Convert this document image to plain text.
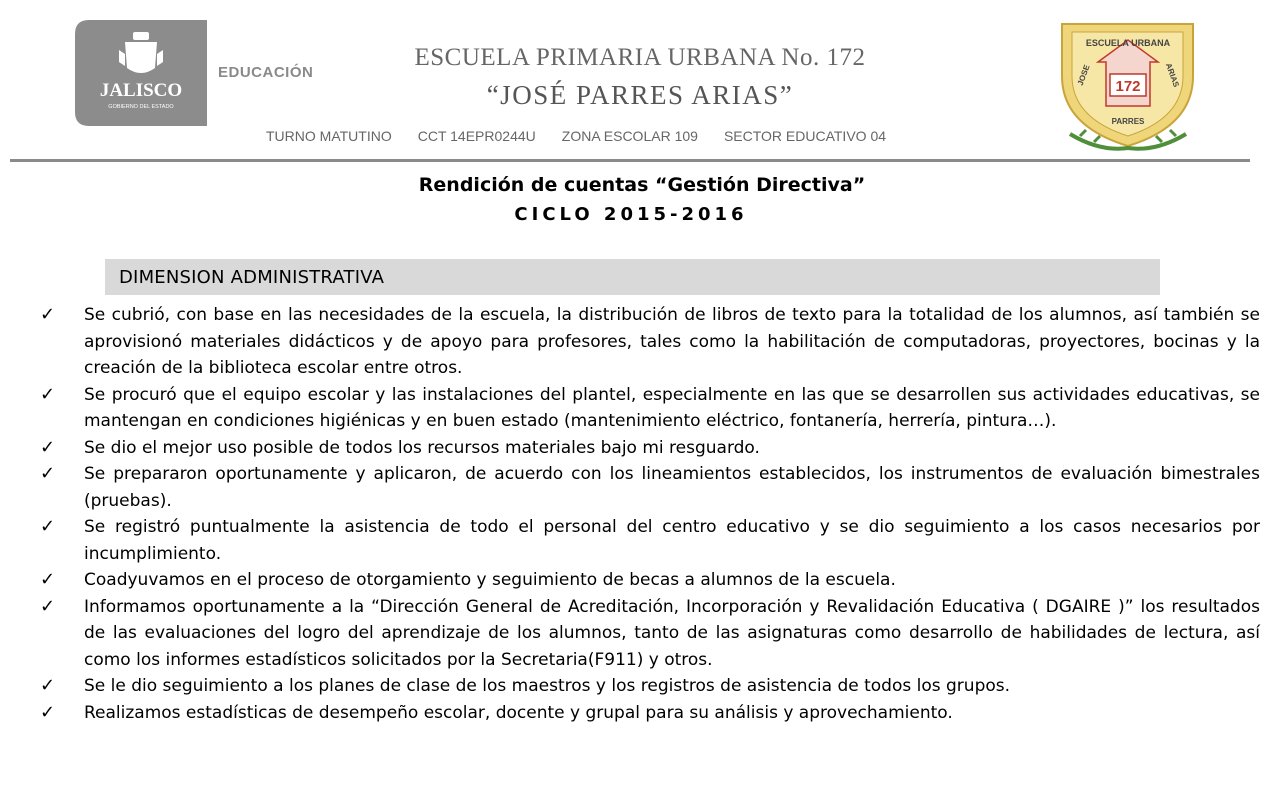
JALISCO
GOBIERNO DEL ESTADO
EDUCACIÓN
ESCUELA PRIMARIA URBANA No. 172
“JOSÉ PARRES ARIAS”
TURNO MATUTINO CCT 14EPR0244U ZONA ESCOLAR 109 SECTOR EDUCATIVO 04
172
ESCUELA URBANA
JOSE	ARIAS
PARRES
Rendición de cuentas “Gestión Directiva”
CICLO 2015-2016
DIMENSION ADMINISTRATIVA
✓ Se cubrió, con base en las necesidades de la escuela, la distribución de libros de texto para la totalidad de los alumnos, así también se aprovisionó materiales didácticos y de apoyo para profesores, tales como la habilitación de computadoras, proyectores, bocinas y la creación de la biblioteca escolar entre otros.
✓ Se procuró que el equipo escolar y las instalaciones del plantel, especialmente en las que se desarrollen sus actividades educativas, se mantengan en condiciones higiénicas y en buen estado (mantenimiento eléctrico, fontanería, herrería, pintura…).
✓ Se dio el mejor uso posible de todos los recursos materiales bajo mi resguardo.
✓ Se prepararon oportunamente y aplicaron, de acuerdo con los lineamientos establecidos, los instrumentos de evaluación bimestrales (pruebas).
✓ Se registró puntualmente la asistencia de todo el personal del centro educativo y se dio seguimiento a los casos necesarios por incumplimiento.
✓ Coadyuvamos en el proceso de otorgamiento y seguimiento de becas a alumnos de la escuela.
✓ Informamos oportunamente a la “Dirección General de Acreditación, Incorporación y Revalidación Educativa ( DGAIRE )” los resultados de las evaluaciones del logro del aprendizaje de los alumnos, tanto de las asignaturas como desarrollo de habilidades de lectura, así como los informes estadísticos solicitados por la Secretaria(F911) y otros.
✓ Se le dio seguimiento a los planes de clase de los maestros y los registros de asistencia de todos los grupos.
✓ Realizamos estadísticas de desempeño escolar, docente y grupal para su análisis y aprovechamiento.
